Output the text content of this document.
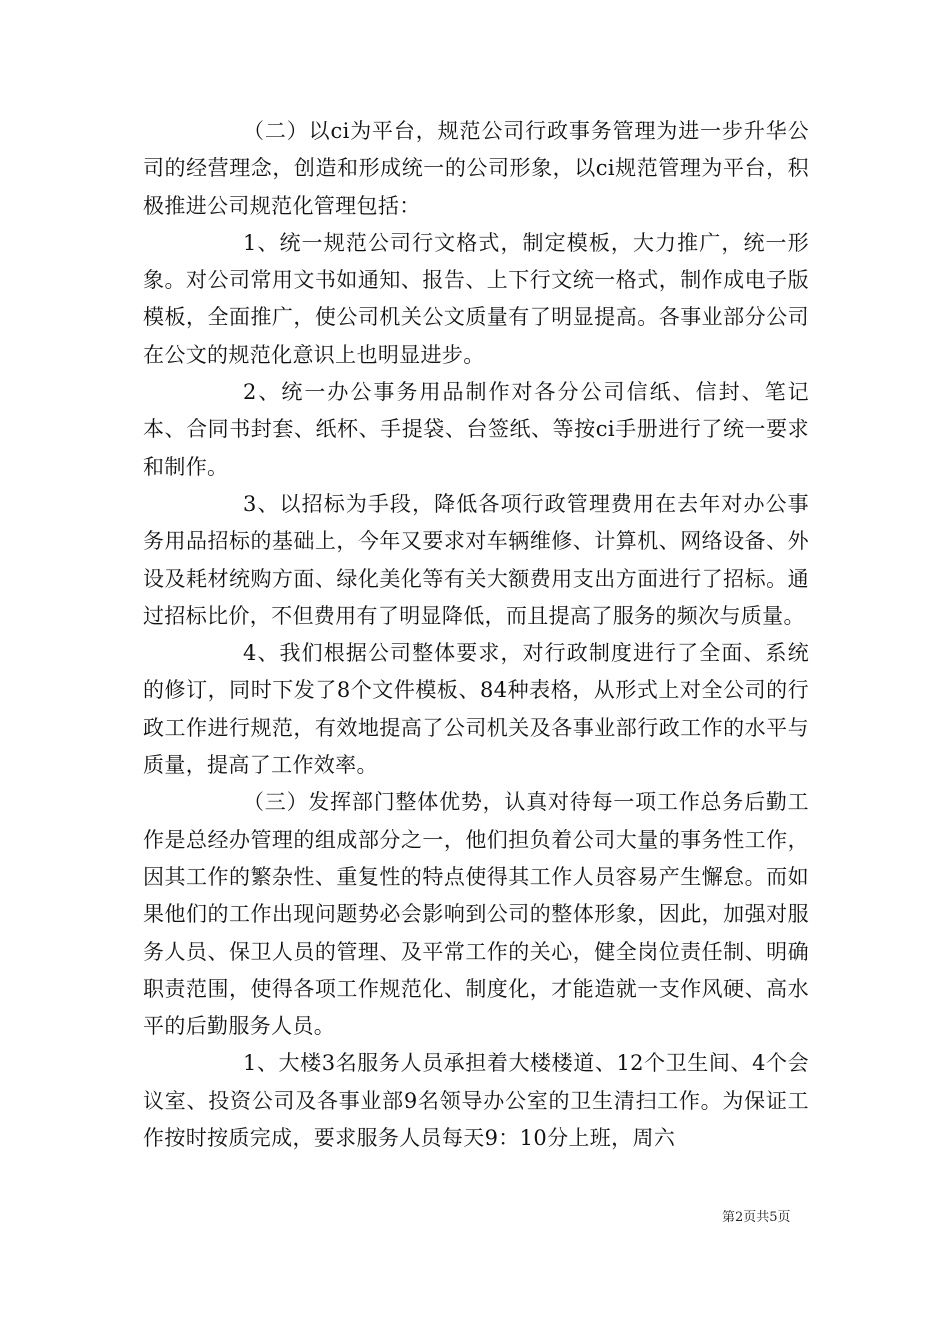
（二）以ci为平台，规范公司行政事务管理为进一步升华公司的经营理念，创造和形成统一的公司形象，以ci规范管理为平台，积极推进公司规范化管理包括：

1、统一规范公司行文格式，制定模板，大力推广，统一形象。对公司常用文书如通知、报告、上下行文统一格式，制作成电子版模板，全面推广，使公司机关公文质量有了明显提高。各事业部分公司在公文的规范化意识上也明显进步。

2、统一办公事务用品制作对各分公司信纸、信封、笔记本、合同书封套、纸杯、手提袋、台签纸、等按ci手册进行了统一要求和制作。

3、以招标为手段，降低各项行政管理费用在去年对办公事务用品招标的基础上，今年又要求对车辆维修、计算机、网络设备、外设及耗材统购方面、绿化美化等有关大额费用支出方面进行了招标。通过招标比价，不但费用有了明显降低，而且提高了服务的频次与质量。

4、我们根据公司整体要求，对行政制度进行了全面、系统的修订，同时下发了8个文件模板、84种表格，从形式上对全公司的行政工作进行规范，有效地提高了公司机关及各事业部行政工作的水平与质量，提高了工作效率。

（三）发挥部门整体优势，认真对待每一项工作总务后勤工作是总经办管理的组成部分之一，他们担负着公司大量的事务性工作，因其工作的繁杂性、重复性的特点使得其工作人员容易产生懈怠。而如果他们的工作出现问题势必会影响到公司的整体形象，因此，加强对服务人员、保卫人员的管理、及平常工作的关心，健全岗位责任制、明确职责范围，使得各项工作规范化、制度化，才能造就一支作风硬、高水平的后勤服务人员。

1、大楼3名服务人员承担着大楼楼道、12个卫生间、4个会议室、投资公司及各事业部9名领导办公室的卫生清扫工作。为保证工作按时按质完成，要求服务人员每天9：10分上班，周六

第2页共5页
